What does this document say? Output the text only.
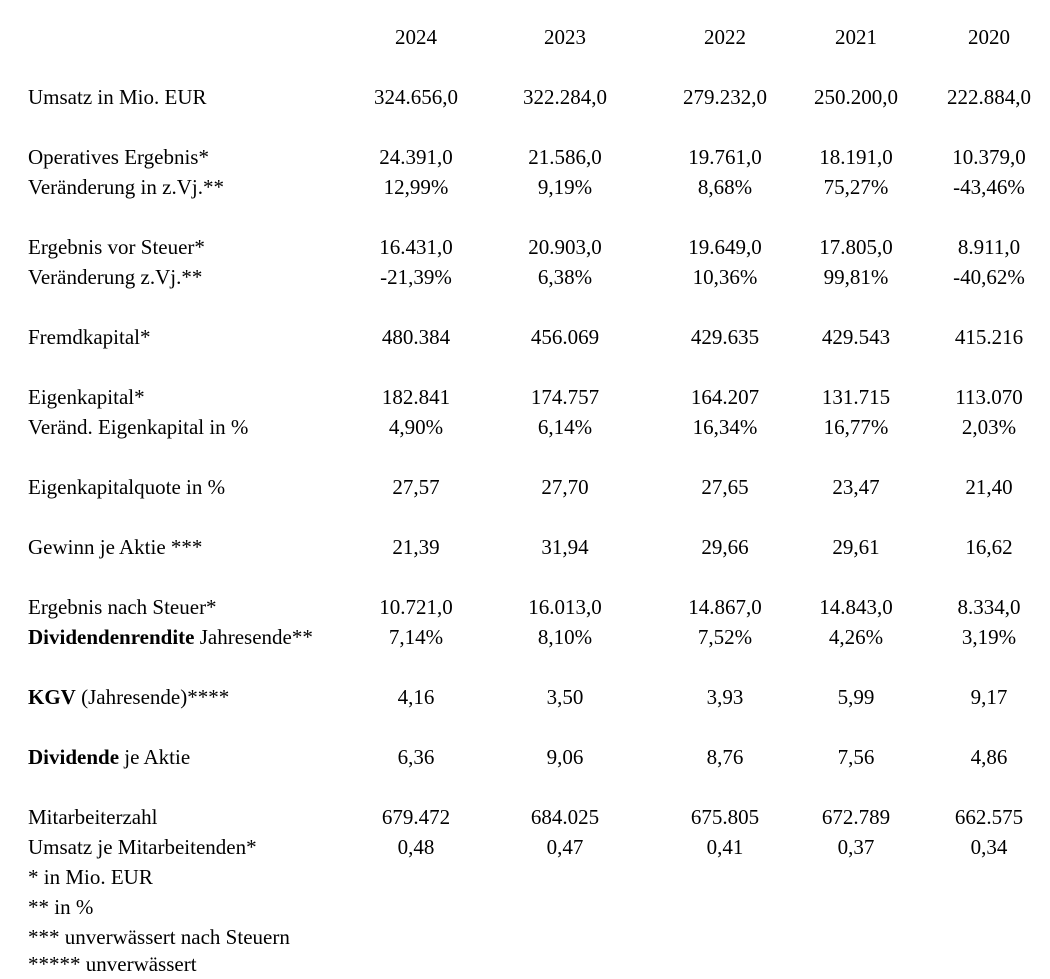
2024	2023	2022	2021	2020
Umsatz in Mio. EUR	324.656,0	322.284,0	279.232,0	250.200,0	222.884,0
Operatives Ergebnis*	24.391,0	21.586,0	19.761,0	18.191,0	10.379,0
Veränderung in z.Vj.**	12,99%	9,19%	8,68%	75,27%	-43,46%
Ergebnis vor Steuer*	16.431,0	20.903,0	19.649,0	17.805,0	8.911,0
Veränderung z.Vj.**	-21,39%	6,38%	10,36%	99,81%	-40,62%
Fremdkapital*	480.384	456.069	429.635	429.543	415.216
Eigenkapital*	182.841	174.757	164.207	131.715	113.070
Veränd. Eigenkapital in %	4,90%	6,14%	16,34%	16,77%	2,03%
Eigenkapitalquote in %	27,57	27,70	27,65	23,47	21,40
Gewinn je Aktie ***	21,39	31,94	29,66	29,61	16,62
Ergebnis nach Steuer*	10.721,0	16.013,0	14.867,0	14.843,0	8.334,0
Dividendenrendite Jahresende**	7,14%	8,10%	7,52%	4,26%	3,19%
KGV (Jahresende)****	4,16	3,50	3,93	5,99	9,17
Dividende je Aktie	6,36	9,06	8,76	7,56	4,86
Mitarbeiterzahl	679.472	684.025	675.805	672.789	662.575
Umsatz je Mitarbeitenden*	0,48	0,47	0,41	0,37	0,34
* in Mio. EUR
** in %
*** unverwässert nach Steuern
***** unverwässert
